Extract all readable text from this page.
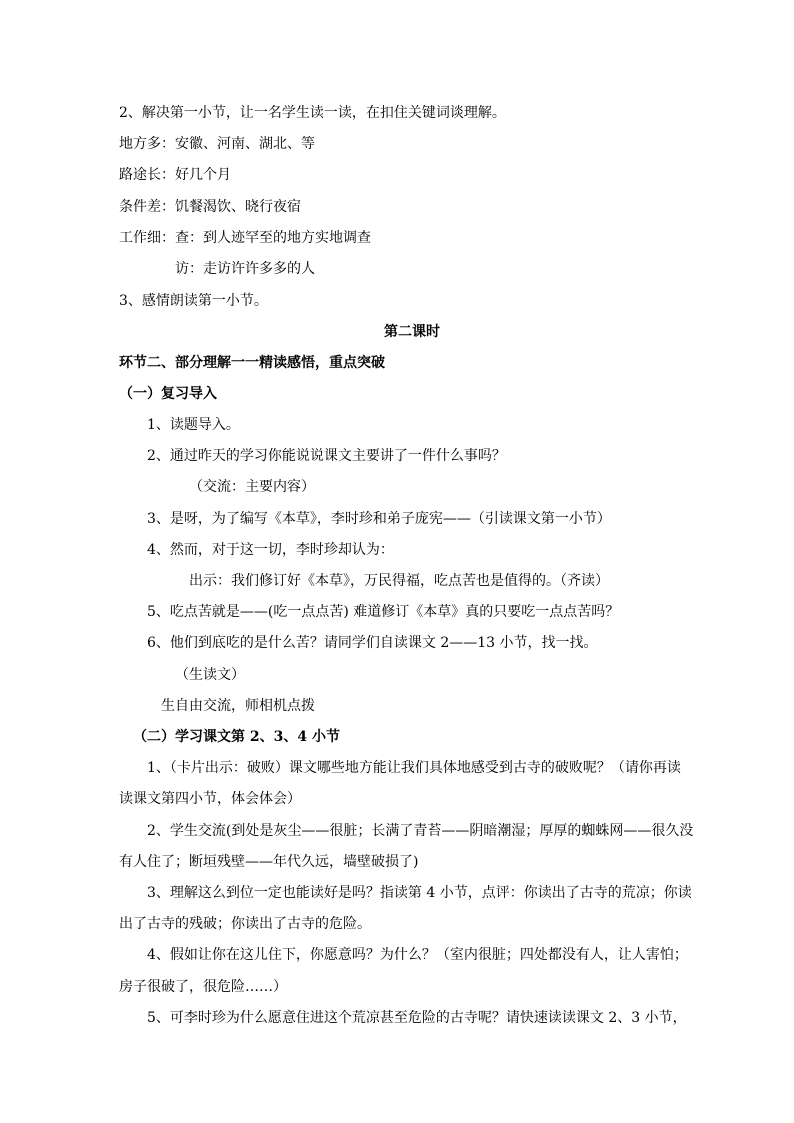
2、解决第一小节，让一名学生读一读，在扣住关键词谈理解。
地方多：安徽、河南、湖北、等
路途长：好几个月
条件差：饥餐渴饮、晓行夜宿
工作细：查：到人迹罕至的地方实地调查
访：走访许许多多的人
3、感情朗读第一小节。
第二课时
环节二、部分理解一一精读感悟，重点突破
（一）复习导入
1、读题导入。
2、通过昨天的学习你能说说课文主要讲了一件什么事吗？
（交流：主要内容）
3、是呀，为了编写《本草》，李时珍和弟子庞宪——（引读课文第一小节）
4、然而，对于这一切，李时珍却认为：
出示：我们修订好《本草》，万民得福，吃点苦也是值得的。（齐读）
5、吃点苦就是——(吃一点点苦) 难道修订《本草》真的只要吃一点点苦吗？
6、他们到底吃的是什么苦？请同学们自读课文 2——13 小节，找一找。
（生读文）
生自由交流，师相机点拨
（二）学习课文第 2、3、4 小节
1、（卡片出示：破败）课文哪些地方能让我们具体地感受到古寺的破败呢？（请你再读
读课文第四小节，体会体会）
2、学生交流(到处是灰尘——很脏；长满了青苔——阴暗潮湿；厚厚的蜘蛛网——很久没
有人住了；断垣残壁——年代久远，墙壁破损了)
3、理解这么到位一定也能读好是吗？指读第 4 小节，点评：你读出了古寺的荒凉；你读
出了古寺的残破；你读出了古寺的危险。
4、假如让你在这儿住下，你愿意吗？为什么？（室内很脏；四处都没有人，让人害怕；
房子很破了，很危险……）
5、可李时珍为什么愿意住进这个荒凉甚至危险的古寺呢？请快速读读课文 2、3 小节，
